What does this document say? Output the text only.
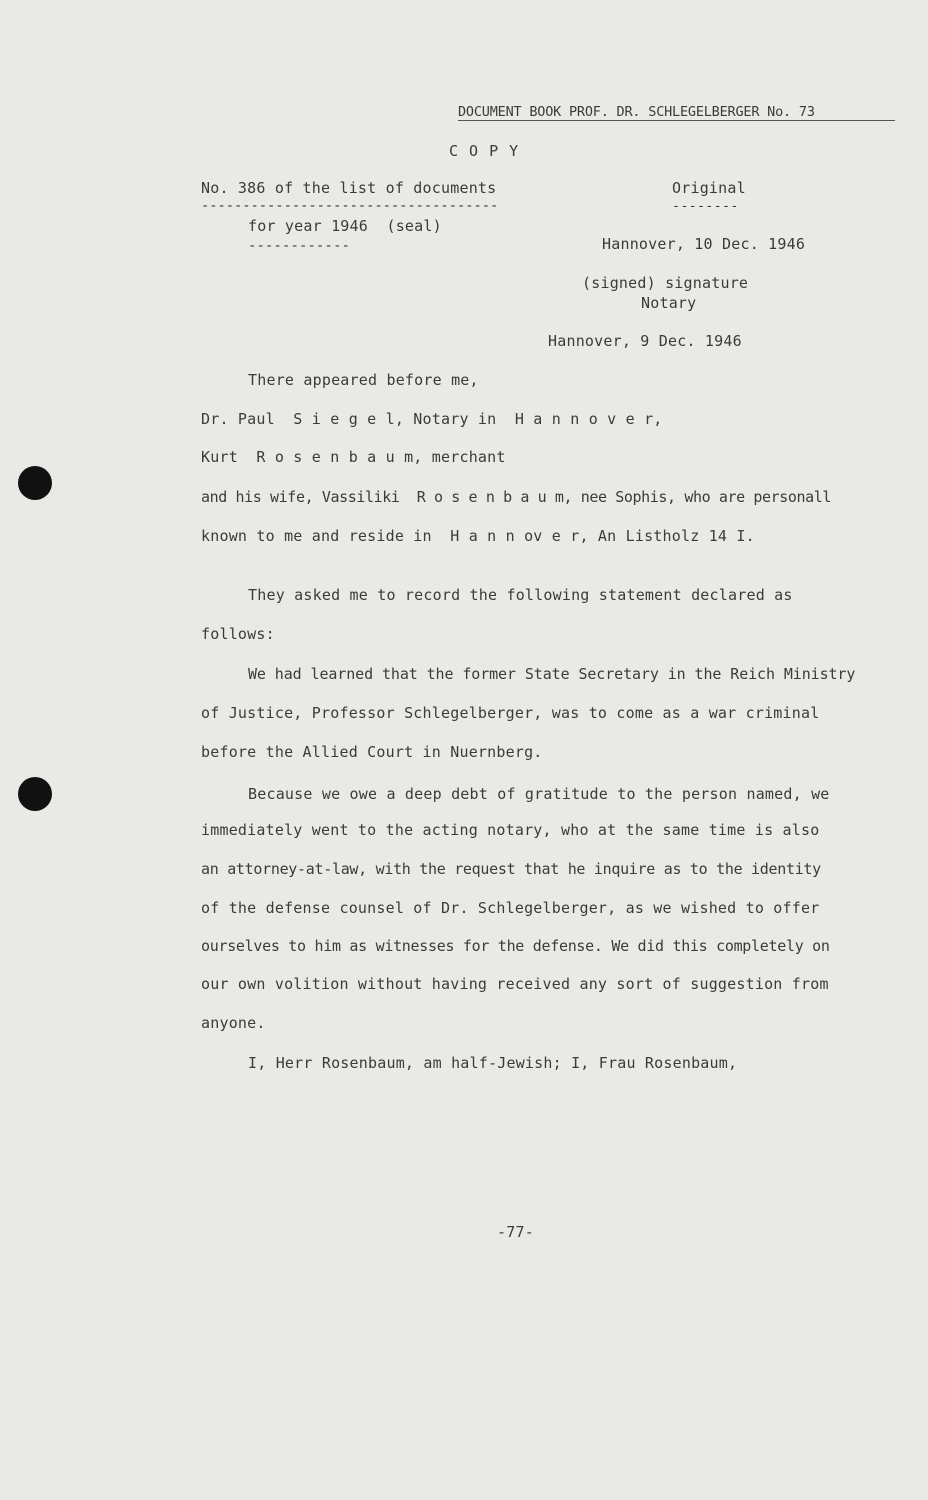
DOCUMENT BOOK PROF. DR. SCHLEGELBERGER No. 73
C O P Y
No. 386 of the list of documents
------------------------------------
for year 1946  (seal)
------------
Original
--------
Hannover, 10 Dec. 1946
(signed) signature
Notary
Hannover, 9 Dec. 1946
There appeared before me,
Dr. Paul  S i e g e l, Notary in  H a n n o v e r,
Kurt  R o s e n b a u m, merchant
and his wife, Vassiliki  R o s e n b a u m, nee Sophis, who are personall
known to me and reside in  H a n n ov e r, An Listholz 14 I.
They asked me to record the following statement declared as
follows:
We had learned that the former State Secretary in the Reich Ministry
of Justice, Professor Schlegelberger, was to come as a war criminal
before the Allied Court in Nuernberg.
Because we owe a deep debt of gratitude to the person named, we
immediately went to the acting notary, who at the same time is also
an attorney-at-law, with the request that he inquire as to the identity
of the defense counsel of Dr. Schlegelberger, as we wished to offer
ourselves to him as witnesses for the defense. We did this completely on
our own volition without having received any sort of suggestion from
anyone.
I, Herr Rosenbaum, am half-Jewish; I, Frau Rosenbaum,
-77-
